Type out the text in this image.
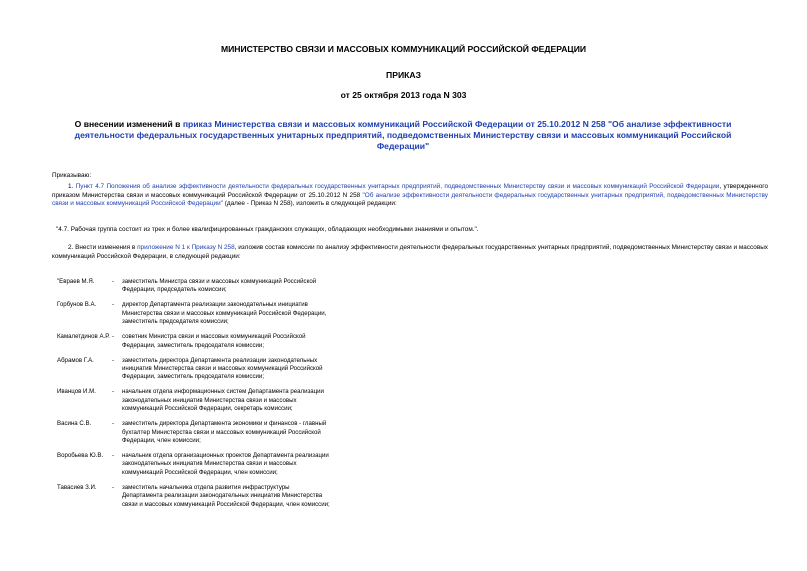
МИНИСТЕРСТВО СВЯЗИ И МАССОВЫХ КОММУНИКАЦИЙ РОССИЙСКОЙ ФЕДЕРАЦИИ
ПРИКАЗ
от 25 октября 2013 года N 303
О внесении изменений в приказ Министерства связи и массовых коммуникаций Российской Федерации от 25.10.2012 N 258 "Об анализе эффективности деятельности федеральных государственных унитарных предприятий, подведомственных Министерству связи и массовых коммуникаций Российской Федерации"
Приказываю:
1. Пункт 4.7 Положения об анализе эффективности деятельности федеральных государственных унитарных предприятий, подведомственных Министерству связи и массовых коммуникаций Российской Федерации, утвержденного приказом Министерства связи и массовых коммуникаций Российской Федерации от 25.10.2012 N 258 "Об анализе эффективности деятельности федеральных государственных унитарных предприятий, подведомственных Министерству связи и массовых коммуникаций Российской Федерации" (далее - Приказ N 258), изложить в следующей редакции:
"4.7. Рабочая группа состоит из трех и более квалифицированных гражданских служащих, обладающих необходимыми знаниями и опытом.".
2. Внести изменения в приложение N 1 к Приказу N 258, изложив состав комиссии по анализу эффективности деятельности федеральных государственных унитарных предприятий, подведомственных Министерству связи и массовых коммуникаций Российской Федерации, в следующей редакции:
"Евраев М.Я.	-	заместитель Министра связи и массовых коммуникаций Российской Федерации, председатель комиссии;
Горбунов В.А.	-	директор Департамента реализации законодательных инициатив Министерства связи и массовых коммуникаций Российской Федерации, заместитель председателя комиссии;
Камалетдинов А.Р. -	советник Министра связи и массовых коммуникаций Российской Федерации, заместитель председателя комиссии;
Абрамов Г.А.	-	заместитель директора Департамента реализации законодательных инициатив Министерства связи и массовых коммуникаций Российской Федерации, заместитель председателя комиссии;
Иванцов И.М.	-	начальник отдела информационных систем Департамента реализации законодательных инициатив Министерства связи и массовых коммуникаций Российской Федерации, секретарь комиссии;
Васина С.В.	-	заместитель директора Департамента экономики и финансов - главный бухгалтер Министерства связи и массовых коммуникаций Российской Федерации, член комиссии;
Воробьева Ю.В.	-	начальник отдела организационных проектов Департамента реализации законодательных инициатив Министерства связи и массовых коммуникаций Российской Федерации, член комиссии;
Тавасиев З.И.	-	заместитель начальника отдела развития инфраструктуры Департамента реализации законодательных инициатив Министерства связи и массовых коммуникаций Российской Федерации, член комиссии;
